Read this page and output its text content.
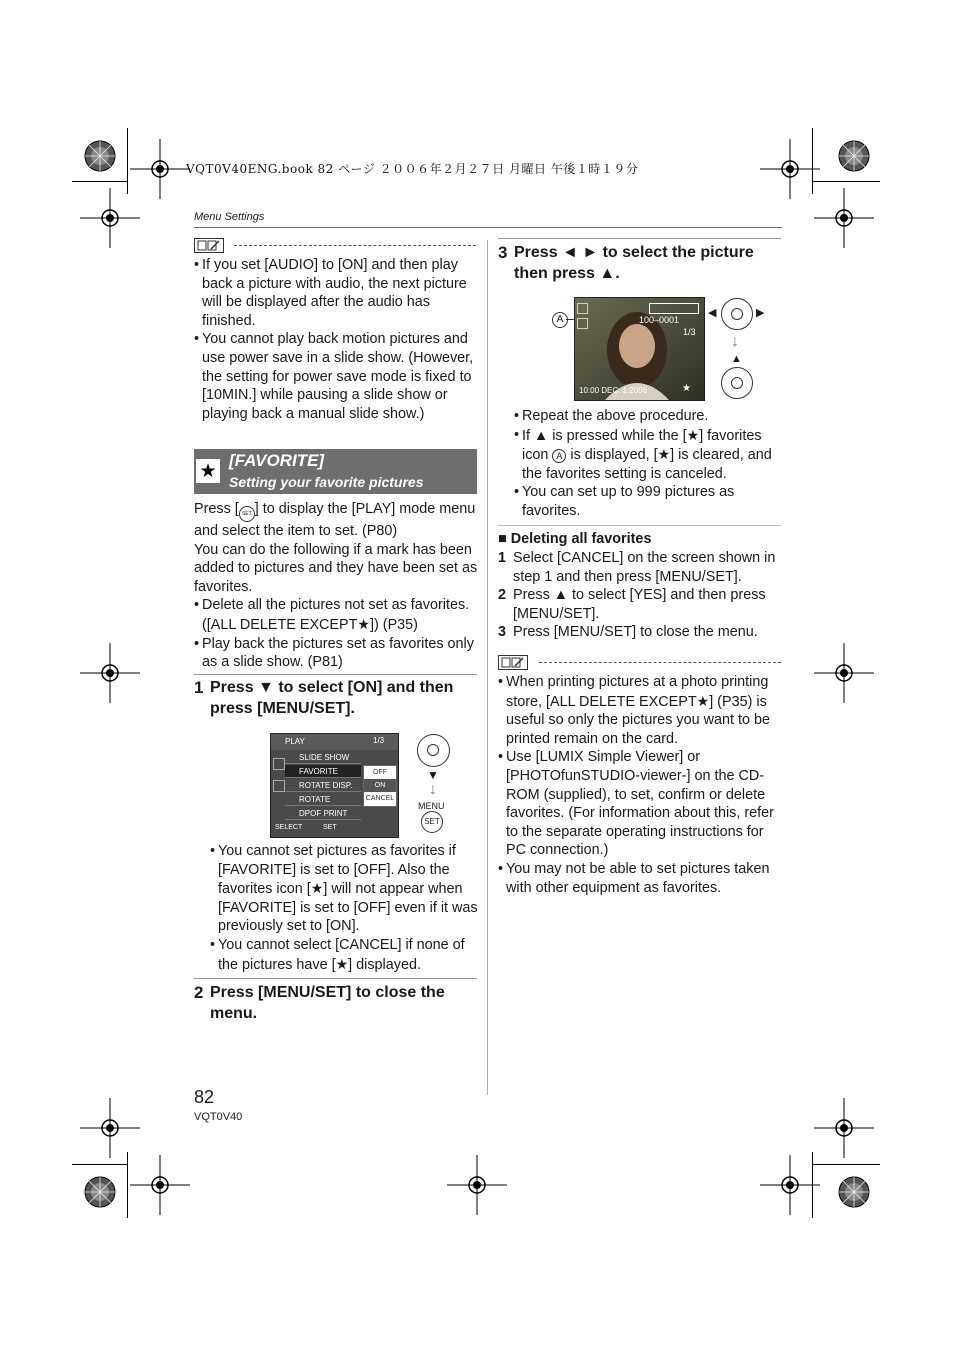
VQT0V40ENG.book 82 ページ ２００６年２月２７日 月曜日 午後１時１９分
Menu Settings
• If you set [AUDIO] to [ON] and then play back a picture with audio, the next picture will be displayed after the audio has finished.
• You cannot play back motion pictures and use power save in a slide show. (However, the setting for power save mode is fixed to [10MIN.] while pausing a slide show or playing back a manual slide show.)
★ [FAVORITE]
Setting your favorite pictures
Press [ SET ] to display the [PLAY] mode menu and select the item to set. (P80)
You can do the following if a mark has been added to pictures and they have been set as favorites.
• Delete all the pictures not set as favorites. ([ALL DELETE EXCEPT★]) (P35)
• Play back the pictures set as favorites only as a slide show. (P81)
1 Press ▼ to select [ON] and then press [MENU/SET].
PLAY	1/3
SLIDE SHOW
FAVORITE
ROTATE DISP.
ROTATE
DPOF PRINT
OFF
ON
CANCEL
SELECT	SET
▼
↓
MENU
SET
• You cannot set pictures as favorites if [FAVORITE] is set to [OFF]. Also the favorites icon [★] will not appear when [FAVORITE] is set to [OFF] even if it was previously set to [ON].
• You cannot select [CANCEL] if none of the pictures have [★] displayed.
2 Press [MENU/SET] to close the menu.
3 Press ◄ ► to select the picture then press ▲.
A	100–0001
1/3
10:00 DEC. 1.2006	★
◀	▶
↓
▲
• Repeat the above procedure.
• If ▲ is pressed while the [★] favorites icon A is displayed, [★] is cleared, and the favorites setting is canceled.
• You can set up to 999 pictures as favorites.
■ Deleting all favorites
1 Select [CANCEL] on the screen shown in step 1 and then press [MENU/SET].
2 Press ▲ to select [YES] and then press [MENU/SET].
3 Press [MENU/SET] to close the menu.
• When printing pictures at a photo printing store, [ALL DELETE EXCEPT★] (P35) is useful so only the pictures you want to be printed remain on the card.
• Use [LUMIX Simple Viewer] or [PHOTOfunSTUDIO-viewer-] on the CD-ROM (supplied), to set, confirm or delete favorites. (For information about this, refer to the separate operating instructions for PC connection.)
• You may not be able to set pictures taken with other equipment as favorites.
82
VQT0V40
